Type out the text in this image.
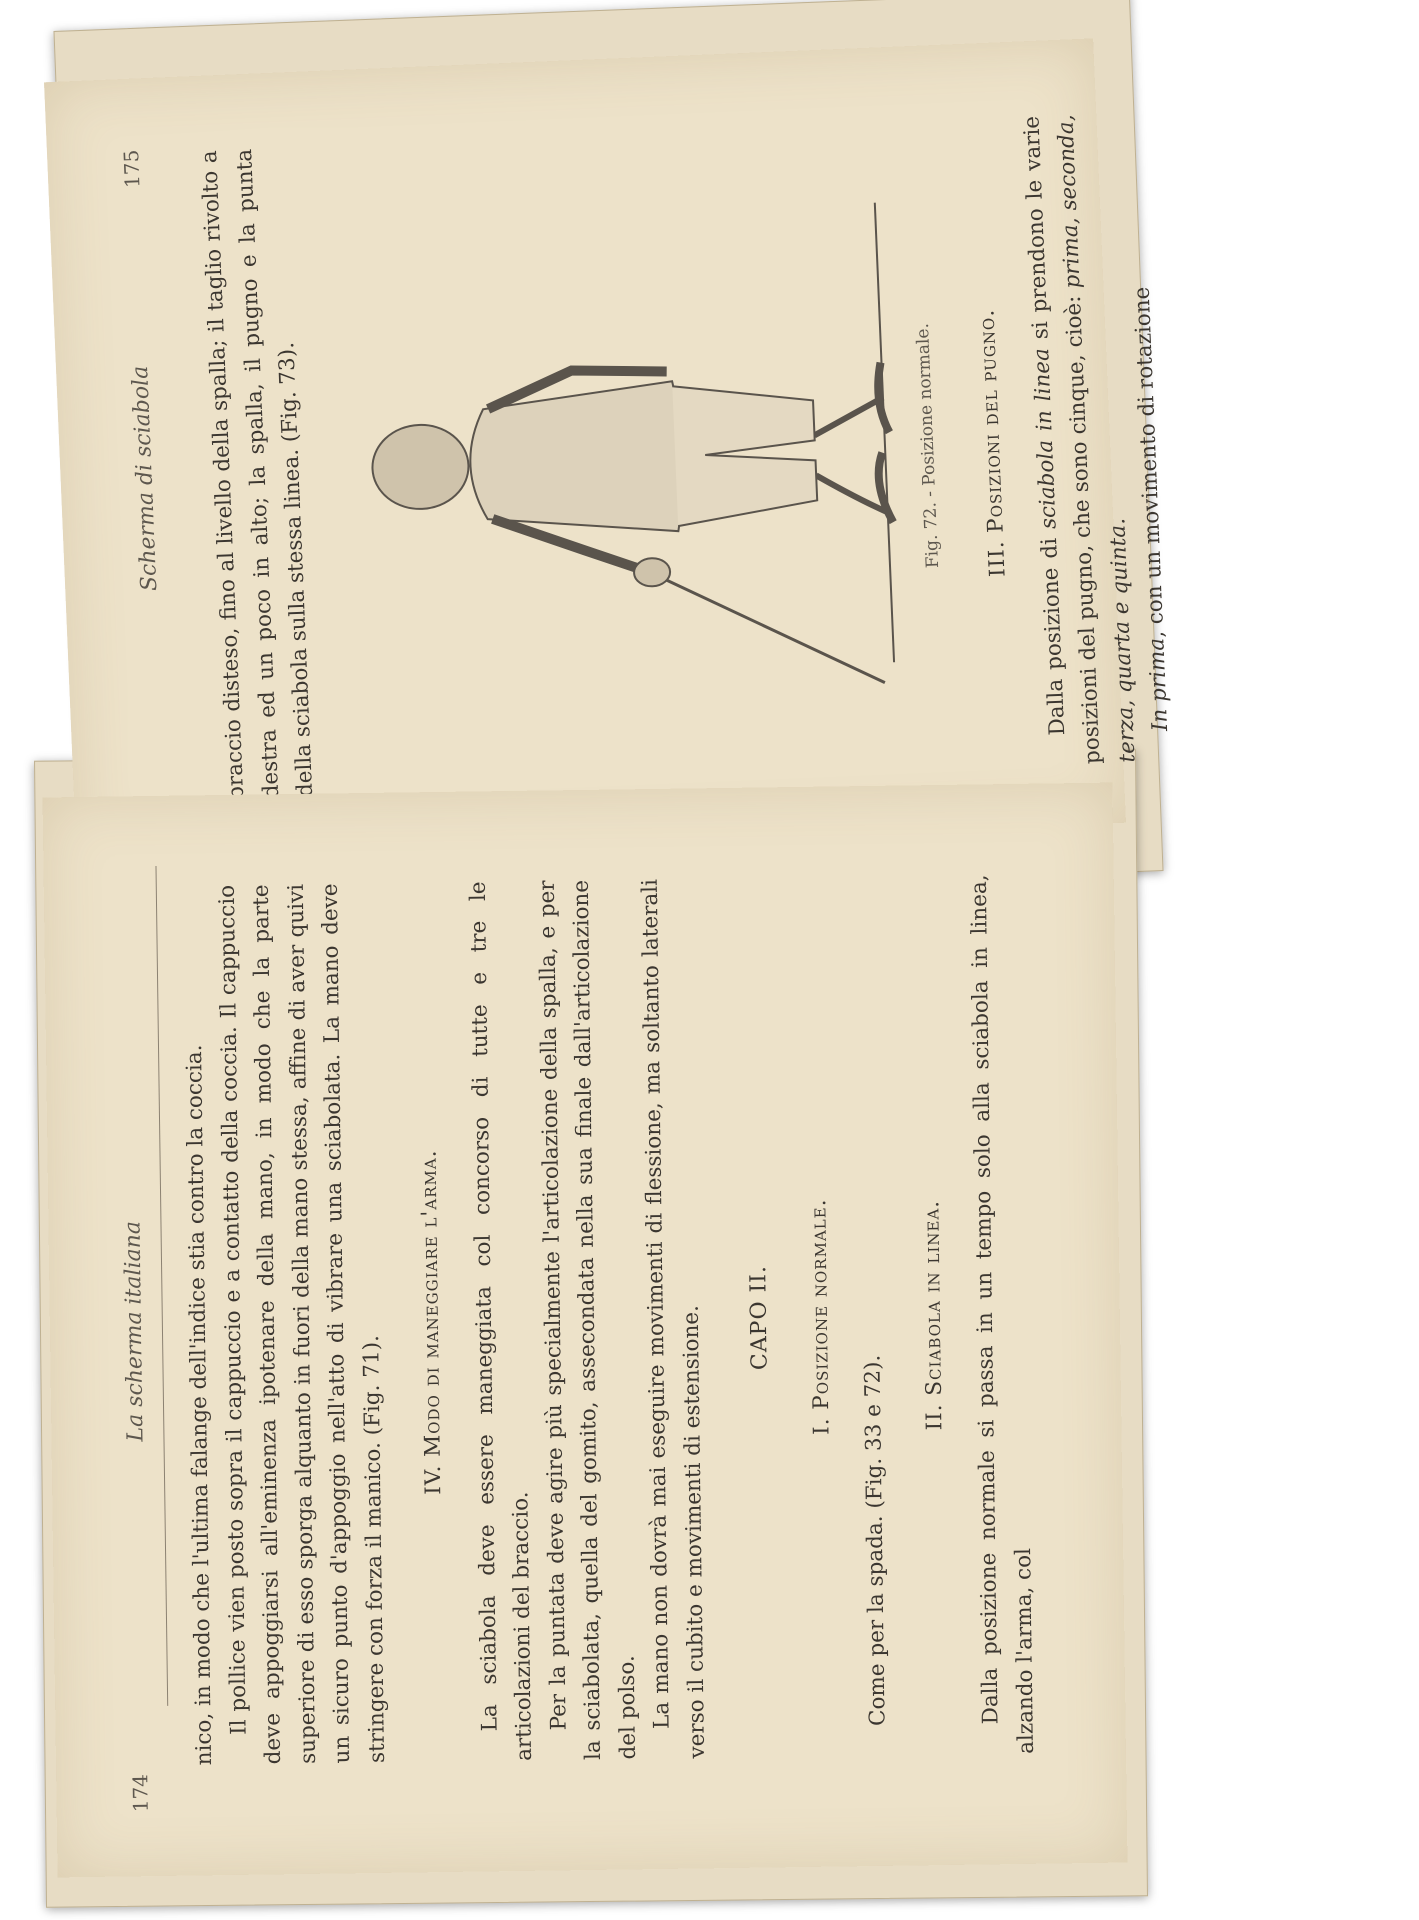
Scherma di sciabola
175 braccio disteso, fino al livello della spalla; il taglio rivolto a destra ed un poco in alto; la spalla, il pugno e la punta della sciabola sulla stessa linea. (Fig. 73).	Fig. 72. - Posizione normale.	III. Posizioni del pugno.

Dalla posizione di sciabola in linea si prendono le varie posizioni del pugno, che sono cinque, cioè: prima, seconda, terza, quarta e quinta. In prima, con un movimento di rotazione

174
La scherma italiana nico, in modo che l'ultima falange dell'indice stia contro la coccia.

Il pollice vien posto sopra il cappuccio e a contatto della coccia. Il cappuccio deve appoggiarsi all'eminenza ipotenare della mano, in modo che la parte superiore di esso sporga alquanto in fuori della mano stessa, affine di aver quivi un sicuro punto d'appoggio nell'atto di vibrare una sciabolata. La mano deve stringere con forza il manico. (Fig. 71).

IV. Modo di maneggiare l'arma. La sciabola deve essere maneggiata col concorso di tutte e tre le articolazioni del braccio.

Per la puntata deve agire più specialmente l'articolazione della spalla, e per la sciabolata, quella del gomito, assecondata nella sua finale dall'articolazione del polso.

La mano non dovrà mai eseguire movimenti di flessione, ma soltanto laterali verso il cubito e movimenti di estensione.	CAPO II.	I. Posizione normale.

Come per la spada. (Fig. 33 e 72).

II. Sciabola in linea. Dalla posizione normale si passa in un tempo solo alla sciabola in linea, alzando l'arma, col
